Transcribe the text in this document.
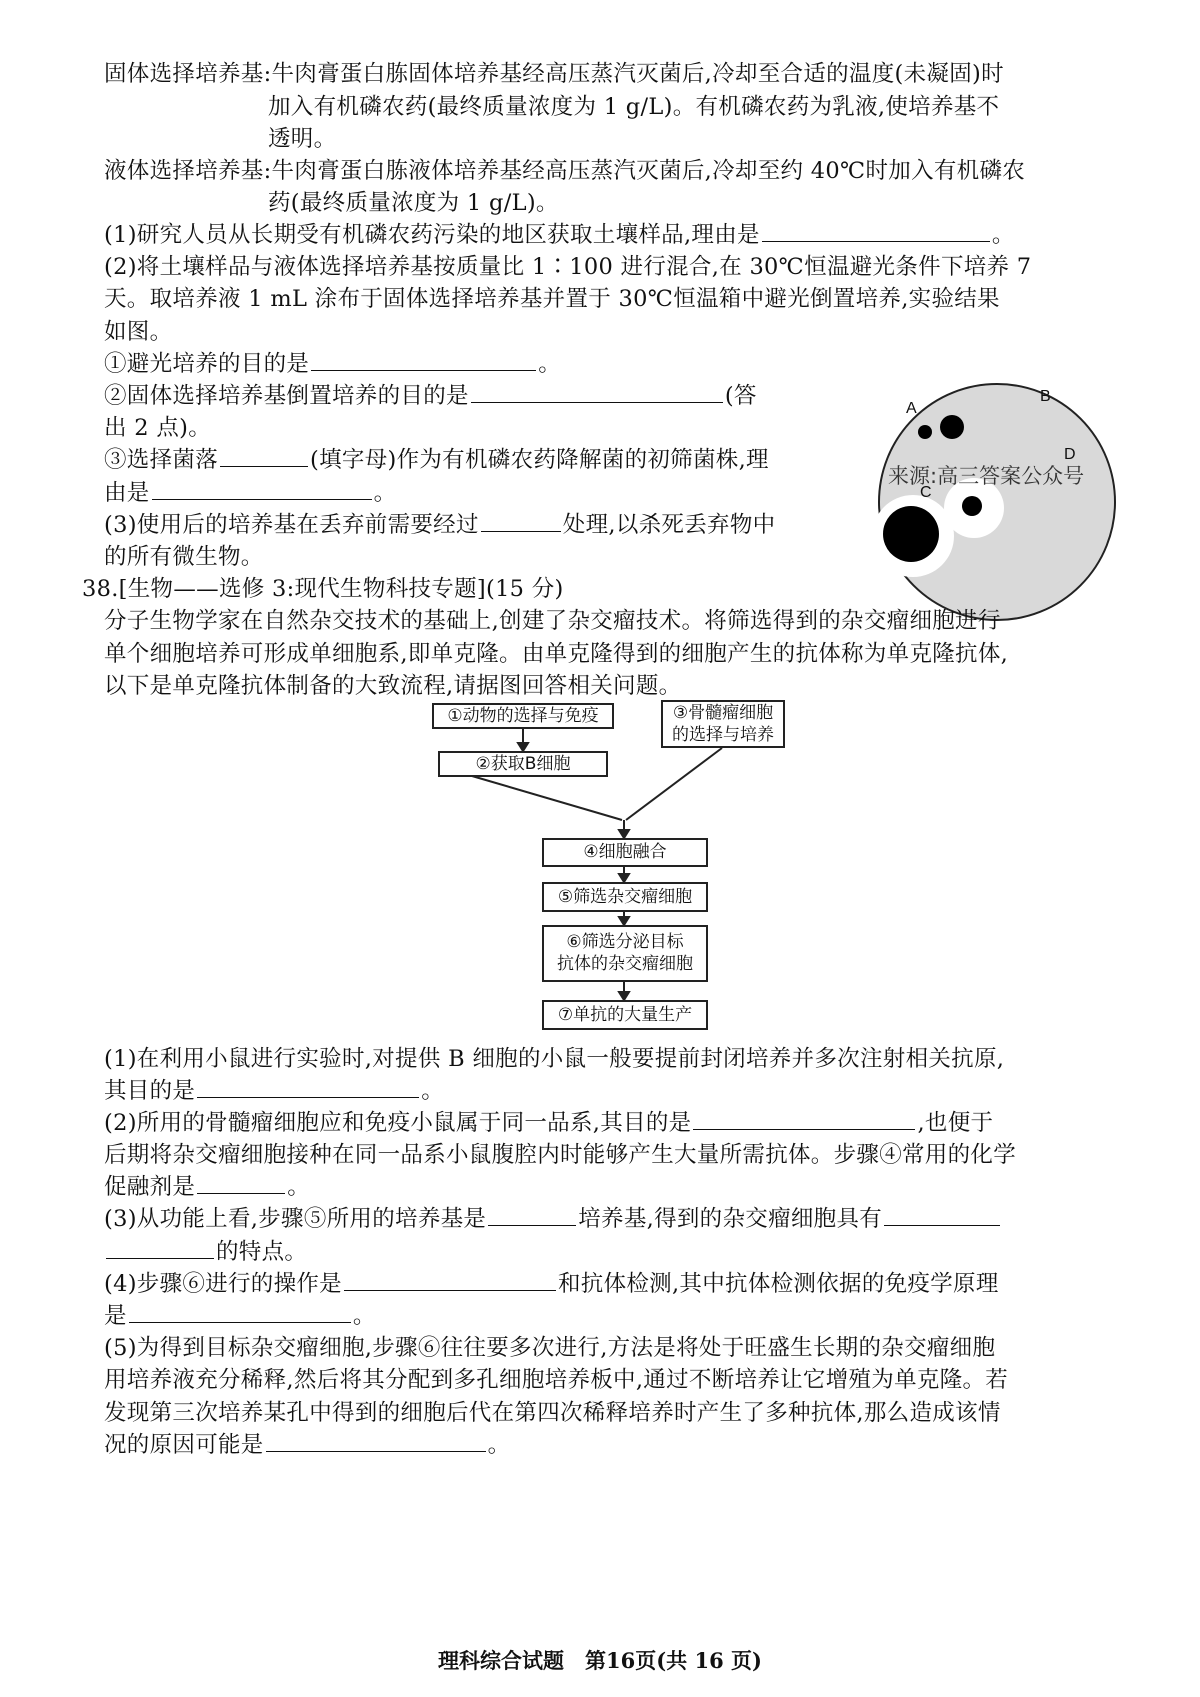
固体选择培养基:牛肉膏蛋白胨固体培养基经高压蒸汽灭菌后,冷却至合适的温度(未凝固)时
加入有机磷农药(最终质量浓度为 1 g/L)。有机磷农药为乳液,使培养基不
透明。
液体选择培养基:牛肉膏蛋白胨液体培养基经高压蒸汽灭菌后,冷却至约 40℃时加入有机磷农
药(最终质量浓度为 1 g/L)。
(1)研究人员从长期受有机磷农药污染的地区获取土壤样品,理由是	。
(2)将土壤样品与液体选择培养基按质量比 1∶100 进行混合,在 30℃恒温避光条件下培养 7
天。取培养液 1 mL 涂布于固体选择培养基并置于 30℃恒温箱中避光倒置培养,实验结果
如图。
①避光培养的目的是	。
②固体选择培养基倒置培养的目的是	(答
出 2 点)。
③选择菌落	(填字母)作为有机磷农药降解菌的初筛菌株,理
由是	。
(3)使用后的培养基在丢弃前需要经过	处理,以杀死丢弃物中
的所有微生物。
A
B
C
D
来源:高三答案公众号
38.[生物——选修 3:现代生物科技专题](15 分)
分子生物学家在自然杂交技术的基础上,创建了杂交瘤技术。将筛选得到的杂交瘤细胞进行
单个细胞培养可形成单细胞系,即单克隆。由单克隆得到的细胞产生的抗体称为单克隆抗体,
以下是单克隆抗体制备的大致流程,请据图回答相关问题。
①动物的选择与免疫
②获取B细胞
③骨髓瘤细胞
的选择与培养
④细胞融合
⑤筛选杂交瘤细胞
⑥筛选分泌目标
抗体的杂交瘤细胞
⑦单抗的大量生产
(1)在利用小鼠进行实验时,对提供 B 细胞的小鼠一般要提前封闭培养并多次注射相关抗原,
其目的是	。
(2)所用的骨髓瘤细胞应和免疫小鼠属于同一品系,其目的是	,也便于
后期将杂交瘤细胞接种在同一品系小鼠腹腔内时能够产生大量所需抗体。步骤④常用的化学
促融剂是	。
(3)从功能上看,步骤⑤所用的培养基是	培养基,得到的杂交瘤细胞具有
的特点。
(4)步骤⑥进行的操作是	和抗体检测,其中抗体检测依据的免疫学原理
是	。
(5)为得到目标杂交瘤细胞,步骤⑥往往要多次进行,方法是将处于旺盛生长期的杂交瘤细胞
用培养液充分稀释,然后将其分配到多孔细胞培养板中,通过不断培养让它增殖为单克隆。若
发现第三次培养某孔中得到的细胞后代在第四次稀释培养时产生了多种抗体,那么造成该情
况的原因可能是	。
理科综合试题　第16页(共 16 页)
